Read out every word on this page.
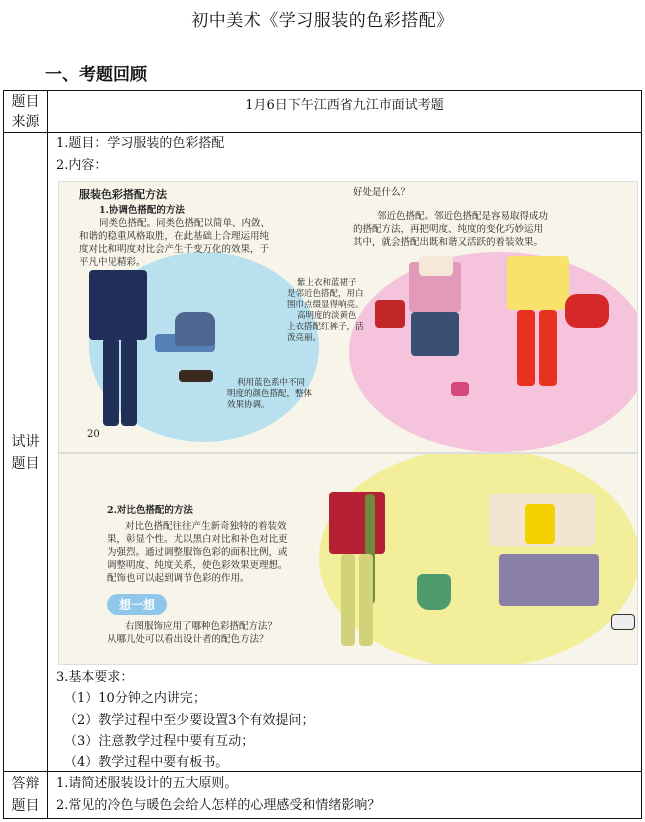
初中美术《学习服装的色彩搭配》
一、考题回顾
题目
来源
1月6日下午江西省九江市面试考题
试讲
题目
1.题目：学习服装的色彩搭配
2.内容：
服装色彩搭配方法
1.协调色搭配的方法
同类色搭配。同类色搭配以简单、内敛、
和谐的稳重风格取胜，在此基础上合理运用纯
度对比和明度对比会产生千变万化的效果，于
平凡中见精彩。
好处是什么？
邻近色搭配。邻近色搭配是容易取得成功
的搭配方法，再把明度、纯度的变化巧妙运用
其中，就会搭配出既和谐又活跃的着装效果。
紫上衣和蓝裙子
是邻近色搭配，用白
围巾点缀显得响亮。
高明度的淡黄色
上衣搭配红裤子，活
泼亮丽。
利用蓝色系中不同
明度的颜色搭配，整体
效果协调。
20
2.对比色搭配的方法
对比色搭配往往产生新奇独特的着装效
果，彰显个性。尤以黑白对比和补色对比更
为强烈。通过调整服饰色彩的面积比例，或
调整明度、纯度关系，使色彩效果更理想。
配饰也可以起到调节色彩的作用。
想一想
右图服饰应用了哪种色彩搭配方法？
从哪儿处可以看出设计者的配色方法？
3.基本要求：
（1）10分钟之内讲完；
（2）教学过程中至少要设置3个有效提问；
（3）注意教学过程中要有互动；
（4）教学过程中要有板书。
答辩
题目
1.请简述服装设计的五大原则。
2.常见的冷色与暖色会给人怎样的心理感受和情绪影响？
